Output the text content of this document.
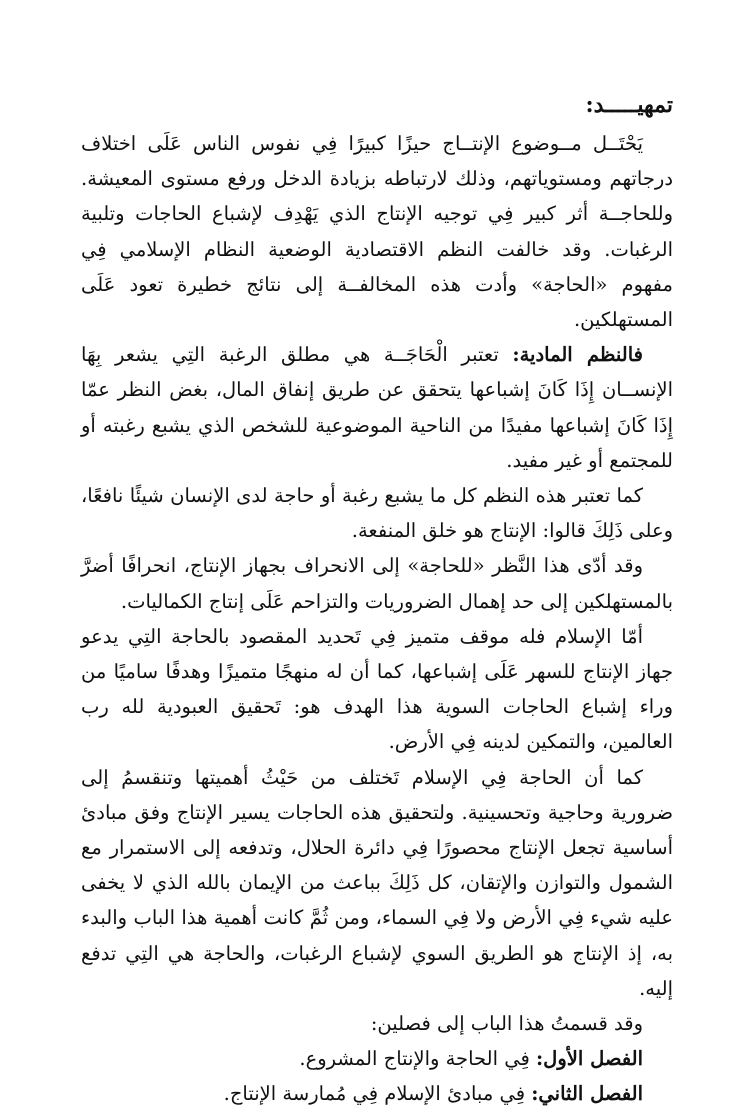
تمهيـــــد:

يَحْتَــل مــوضوع الإنتــاج حيزًا كبيرًا فِي نفوس الناس عَلَى اختلاف درجاتهم ومستوياتهم، وذلك لارتباطه بزيادة الدخل ورفع مستوى المعيشة. وللحاجــة أثر كبير فِي توجيه الإنتاج الذي يَهْدِف لإشباع الحاجات وتلبية الرغبات. وقد خالفت النظم الاقتصادية الوضعية النظام الإسلامي فِي مفهوم «الحاجة» وأدت هذه المخالفــة إلى نتائج خطيرة تعود عَلَى المستهلكين.

فالنظم المادية: تعتبر الْحَاجَــة هي مطلق الرغبة التِي يشعر بِهَا الإنســان إِذَا كَانَ إشباعها يتحقق عن طريق إنفاق المال، بغض النظر عمّا إِذَا كَانَ إشباعها مفيدًا من الناحية الموضوعية للشخص الذي يشبع رغبته أو للمجتمع أو غير مفيد.

كما تعتبر هذه النظم كل ما يشبع رغبة أو حاجة لدى الإنسان شيئًا نافعًا، وعلى ذَلِكَ قالوا: الإنتاج هو خلق المنفعة.

وقد أدّى هذا النَّظر «للحاجة» إلى الانحراف بجهاز الإنتاج، انحرافًا أضرَّ بالمستهلكين إلى حد إهمال الضروريات والتزاحم عَلَى إنتاج الكماليات.

أمّا الإسلام فله موقف متميز فِي تَحديد المقصود بالحاجة التِي يدعو جهاز الإنتاج للسهر عَلَى إشباعها، كما أن له منهجًا متميزًا وهدفًا ساميًا من وراء إشباع الحاجات السوية هذا الهدف هو: تَحقيق العبودية لله رب العالمين، والتمكين لدينه فِي الأرض.

كما أن الحاجة فِي الإسلام تَختلف من حَيْثُ أهميتها وتنقسمُ إلى ضرورية وحاجية وتحسينية. ولتحقيق هذه الحاجات يسير الإنتاج وفق مبادئ أساسية تجعل الإنتاج محصورًا فِي دائرة الحلال، وتدفعه إلى الاستمرار مع الشمول والتوازن والإتقان، كل ذَلِكَ بباعث من الإيمان بالله الذي لا يخفى عليه شيء فِي الأرض ولا فِي السماء، ومن ثُمَّ كانت أهمية هذا الباب والبدء به، إذ الإنتاج هو الطريق السوي لإشباع الرغبات، والحاجة هي التِي تدفع إليه.

وقد قسمتُ هذا الباب إلى فصلين:

الفصل الأول: فِي الحاجة والإنتاج المشروع.

الفصل الثاني: فِي مبادئ الإسلام فِي مُمارسة الإنتاج.
